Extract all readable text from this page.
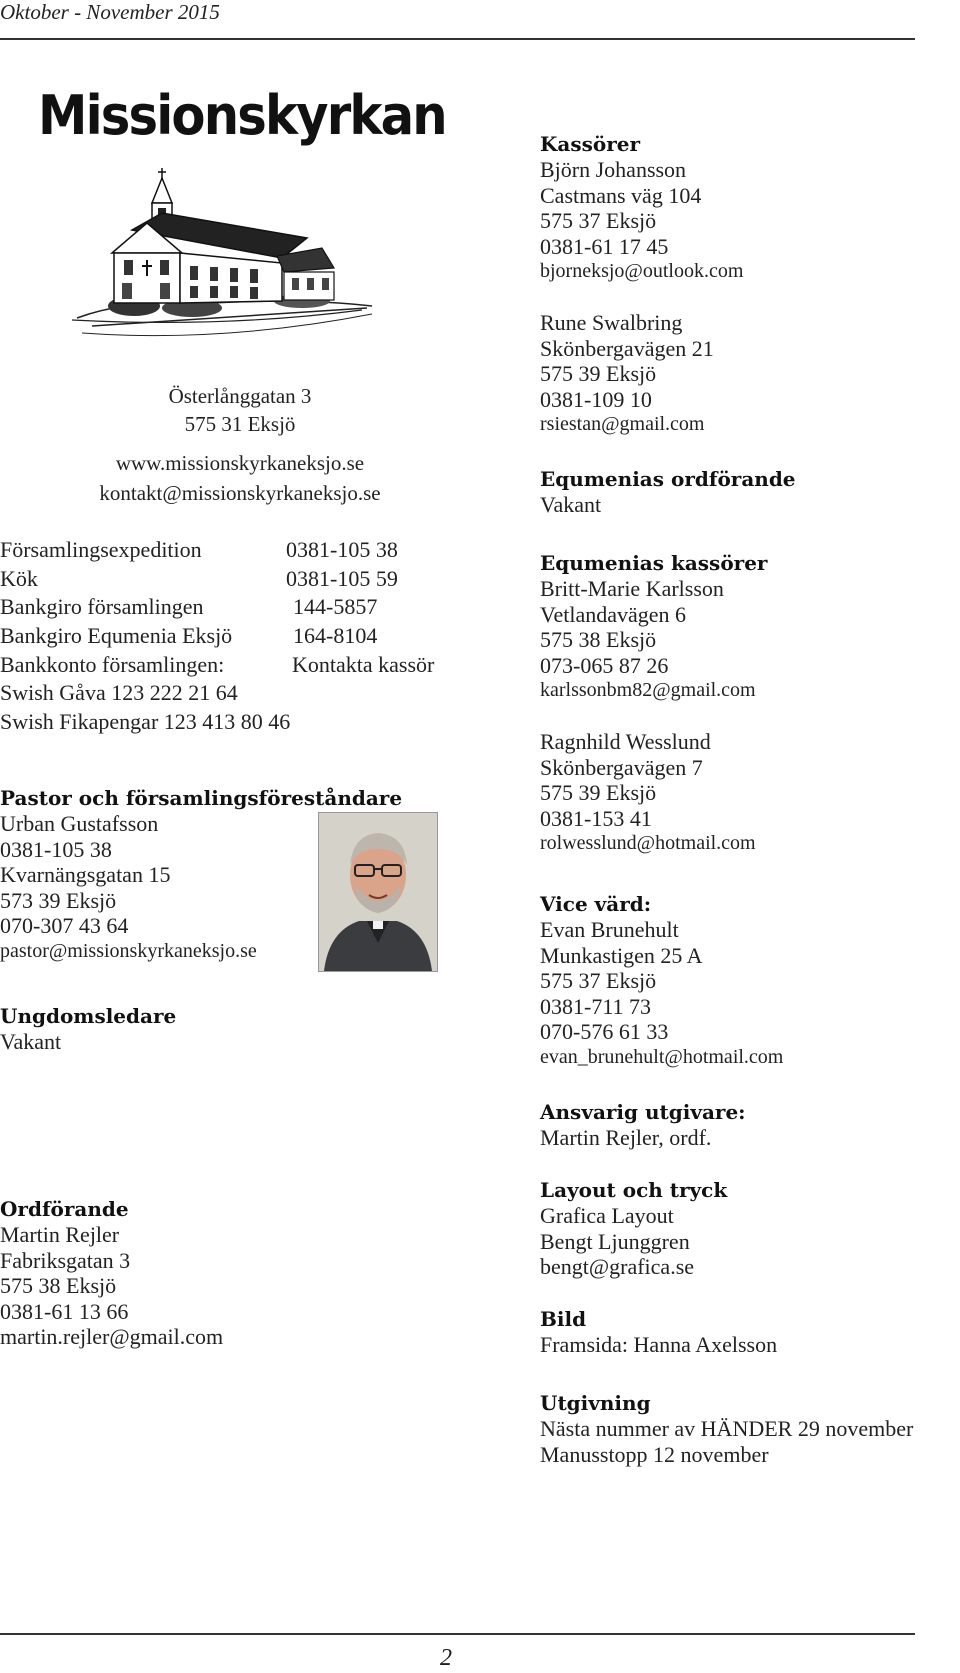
Oktober - November 2015
Missionskyrkan
Österlånggatan 3
575 31 Eksjö
www.missionskyrkaneksjo.se
kontakt@missionskyrkaneksjo.se
Församlingsexpedition	0381-105 38
Kök	0381-105 59
Bankgiro församlingen	144-5857
Bankgiro Equmenia Eksjö	164-8104
Bankkonto församlingen:	Kontakta kassör
Swish Gåva 123 222 21 64
Swish Fikapengar 123 413 80 46
Pastor och församlingsföreståndare
Urban Gustafsson
0381-105 38
Kvarnängsgatan 15
573 39 Eksjö
070-307 43 64
pastor@missionskyrkaneksjo.se
Ungdomsledare
Vakant
Ordförande
Martin Rejler
Fabriksgatan 3
575 38 Eksjö
0381-61 13 66
martin.rejler@gmail.com
Kassörer
Björn Johansson
Castmans väg 104
575 37 Eksjö
0381-61 17 45
bjorneksjo@outlook.com
Rune Swalbring
Skönbergavägen 21
575 39 Eksjö
0381-109 10
rsiestan@gmail.com
Equmenias ordförande
Vakant
Equmenias kassörer
Britt-Marie Karlsson
Vetlandavägen 6
575 38 Eksjö
073-065 87 26
karlssonbm82@gmail.com
Ragnhild Wesslund
Skönbergavägen 7
575 39 Eksjö
0381-153 41
rolwesslund@hotmail.com
Vice värd:
Evan Brunehult
Munkastigen 25 A
575 37 Eksjö
0381-711 73
070-576 61 33
evan_brunehult@hotmail.com
Ansvarig utgivare:
Martin Rejler, ordf.
Layout och tryck
Grafica Layout
Bengt Ljunggren
bengt@grafica.se
Bild
Framsida: Hanna Axelsson
Utgivning
Nästa nummer av HÄNDER 29 november
Manusstopp 12 november
2
